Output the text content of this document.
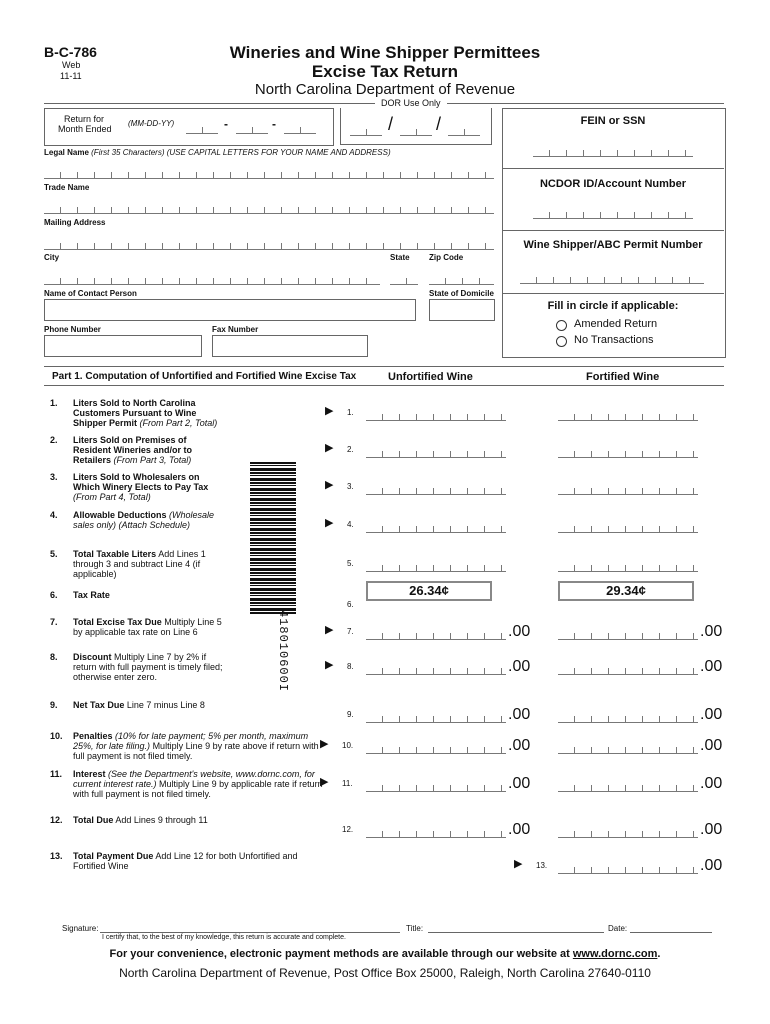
B-C-786
Web
11-11
Wineries and Wine Shipper Permittees
Excise Tax Return
North Carolina Department of Revenue
DOR Use Only
Return for
Month Ended
(MM-DD-YY)	-	-	/ /	FEIN or SSN
NCDOR ID/Account Number
Wine Shipper/ABC Permit Number
Fill in circle if applicable:
Amended Return
No Transactions
Legal Name (First 35 Characters) (USE CAPITAL LETTERS FOR YOUR NAME AND ADDRESS)
Trade Name
Mailing Address
City	State Zip Code
Name of Contact Person	State of Domicile
Phone Number	Fax Number
Part 1. Computation of Unfortified and Fortified Wine Excise Tax	Unfortified Wine	Fortified Wine
418010600I
1. Liters Sold to North Carolina Customers Pursuant to Wine Shipper Permit (From Part 2, Total)
▶ 1.
2. Liters Sold on Premises of Resident Wineries and/or to Retailers (From Part 3, Total)
▶ 2.
3. Liters Sold to Wholesalers on Which Winery Elects to Pay Tax (From Part 4, Total)
▶ 3.
4. Allowable Deductions (Wholesale sales only) (Attach Schedule)	▶ 4.
5. Total Taxable Liters Add Lines 1 through 3 and subtract Line 4 (if applicable)
5.
6. Tax Rate
6.
26.34¢	29.34¢
7. Total Excise Tax Due Multiply Line 5 by applicable tax rate on Line 6	▶ 7.	.00	.00
8. Discount Multiply Line 7 by 2% if return with full payment is timely filed; otherwise enter zero.
▶ 8.	.00	.00
9. Net Tax Due Line 7 minus Line 8
9.	.00	.00
10. Penalties (10% for late payment; 5% per month, maximum 25%, for late filing.) Multiply Line 9 by rate above if return with full payment is not filed timely.
▶ 10.	.00	.00
11. Interest (See the Department's website, www.dornc.com, for current interest rate.) Multiply Line 9 by applicable rate if return with full payment is not filed timely.
▶ 11.	.00	.00
12. Total Due Add Lines 9 through 11
12.	.00	.00
13. Total Payment Due Add Line 12 for both Unfortified and Fortified Wine	▶ 13.	.00
Signature:	Title:	Date:
I certify that, to the best of my knowledge, this return is accurate and complete.
For your convenience, electronic payment methods are available through our website at www.dornc.com.
North Carolina Department of Revenue, Post Office Box 25000, Raleigh, North Carolina 27640-0110
